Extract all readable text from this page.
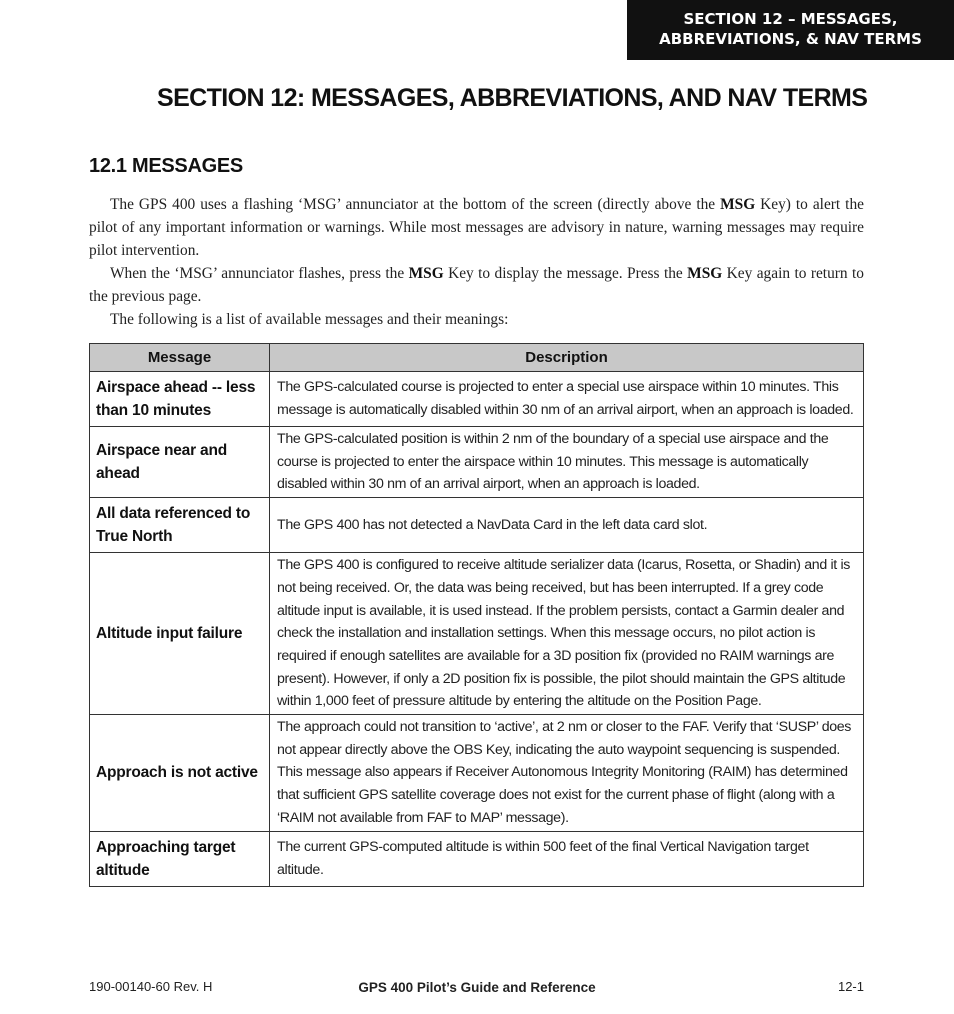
SECTION 12 – MESSAGES,
ABBREVIATIONS, & NAV TERMS
SECTION 12: MESSAGES, ABBREVIATIONS, AND NAV TERMS
12.1 MESSAGES

The GPS 400 uses a flashing ‘MSG’ annunciator at the bottom of the screen (directly above the MSG Key) to alert the pilot of any important information or warnings. While most messages are advisory in nature, warning messages may require pilot intervention.

When the ‘MSG’ annunciator flashes, press the MSG Key to display the message. Press the MSG Key again to return to the previous page.

The following is a list of available messages and their meanings:

Message	Description
Airspace ahead -- less than 10 minutes	The GPS-calculated course is projected to enter a special use airspace within 10 minutes. This message is automatically disabled within 30 nm of an arrival airport, when an approach is loaded.
Airspace near and ahead	The GPS-calculated position is within 2 nm of the boundary of a special use airspace and the course is projected to enter the airspace within 10 minutes. This message is automatically disabled within 30 nm of an arrival airport, when an approach is loaded.
All data referenced to True North	The GPS 400 has not detected a NavData Card in the left data card slot.
Altitude input failure	The GPS 400 is configured to receive altitude serializer data (Icarus, Rosetta, or Shadin) and it is not being received. Or, the data was being received, but has been interrupted. If a grey code altitude input is available, it is used instead. If the problem persists, contact a Garmin dealer and check the installation and installation settings. When this message occurs, no pilot action is required if enough satellites are available for a 3D position fix (provided no RAIM warnings are present). However, if only a 2D position fix is possible, the pilot should maintain the GPS altitude within 1,000 feet of pressure altitude by entering the altitude on the Position Page.
Approach is not active	The approach could not transition to ‘active’, at 2 nm or closer to the FAF. Verify that ‘SUSP’ does not appear directly above the OBS Key, indicating the auto waypoint sequencing is suspended. This message also appears if Receiver Autonomous Integrity Monitoring (RAIM) has determined that sufficient GPS satellite coverage does not exist for the current phase of flight (along with a ‘RAIM not available from FAF to MAP’ message).
Approaching target altitude	The current GPS-computed altitude is within 500 feet of the final Vertical Navigation target altitude.
190-00140-60 Rev. H	GPS 400 Pilot’s Guide and Reference	12-1
